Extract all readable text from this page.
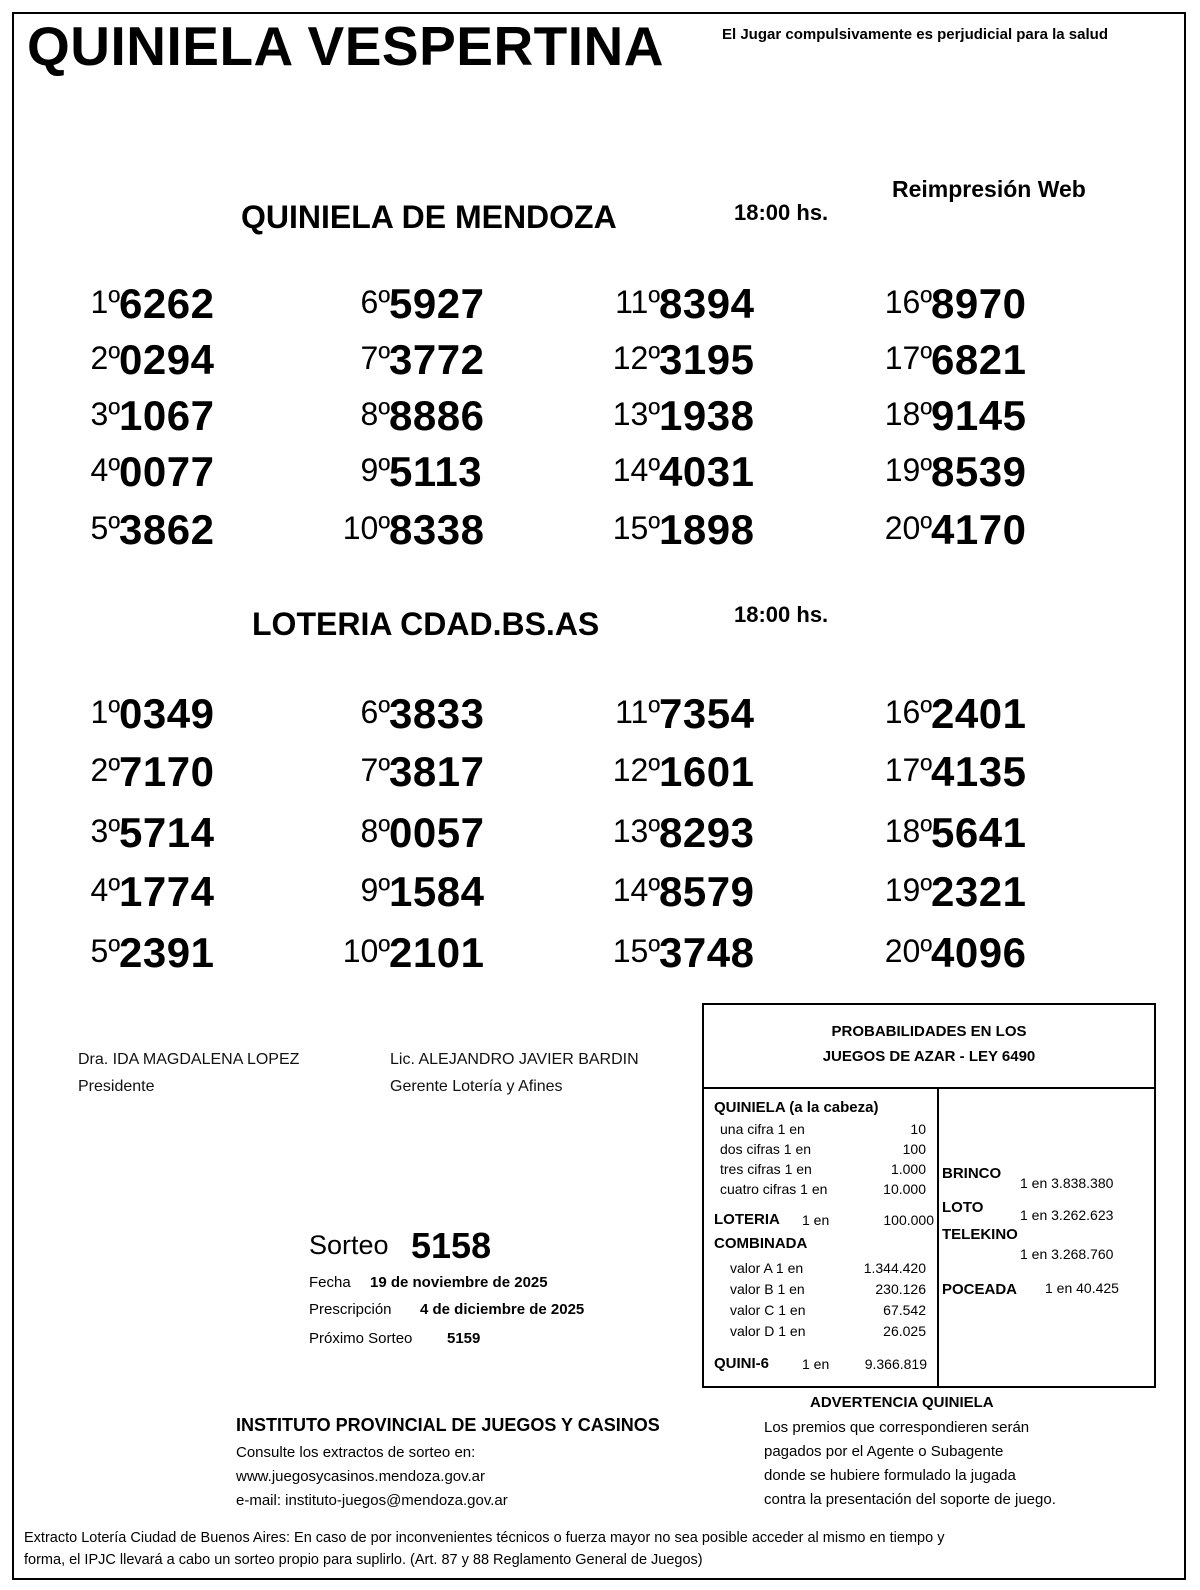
QUINIELA VESPERTINA	El Jugar compulsivamente es perjudicial para la salud
Reimpresión Web
QUINIELA DE MENDOZA	18:00 hs.
1º 6262
2º 0294
3º 1067
4º 0077
5º 3862
6º 5927
7º 3772
8º 8886
9º 5113
10º 8338
11º 8394
12º 3195
13º 1938
14º 4031
15º 1898
16º 8970
17º 6821
18º 9145
19º 8539
20º 4170
LOTERIA CDAD.BS.AS	18:00 hs.
1º 0349
2º 7170
3º 5714
4º 1774
5º 2391
6º 3833
7º 3817
8º 0057
9º 1584
10º 2101
11º 7354
12º 1601
13º 8293
14º 8579
15º 3748
16º 2401
17º 4135
18º 5641
19º 2321
20º 4096
Dra. IDA MAGDALENA LOPEZ
Presidente
Lic. ALEJANDRO JAVIER BARDIN
Gerente Lotería y Afines
Sorteo 5158
Fecha 19 de noviembre de 2025
Prescripción 4 de diciembre de 2025
Próximo Sorteo 5159
PROBABILIDADES EN LOS
JUEGOS DE AZAR - LEY 6490
QUINIELA (a la cabeza)
una cifra 1 en	10
dos cifras 1 en	100
tres cifras 1 en	1.000
cuatro cifras 1 en	10.000
LOTERIA 1 en	100.000
COMBINADA
valor A 1 en	1.344.420
valor B 1 en	230.126
valor C 1 en	67.542
valor D 1 en	26.025
QUINI-6 1 en	9.366.819
BRINCO
1 en 3.838.380
LOTO	1 en 3.262.623
TELEKINO
1 en 3.268.760
POCEADA 1 en 40.425
ADVERTENCIA QUINIELA
Los premios que correspondieren serán
pagados por el Agente o Subagente
donde se hubiere formulado la jugada
contra la presentación del soporte de juego.
INSTITUTO PROVINCIAL DE JUEGOS Y CASINOS
Consulte los extractos de sorteo en:
www.juegosycasinos.mendoza.gov.ar
e-mail: instituto-juegos@mendoza.gov.ar
Extracto Lotería Ciudad de Buenos Aires: En caso de por inconvenientes técnicos o fuerza mayor no sea posible acceder al mismo en tiempo y
forma, el IPJC llevará a cabo un sorteo propio para suplirlo. (Art. 87 y 88 Reglamento General de Juegos)
